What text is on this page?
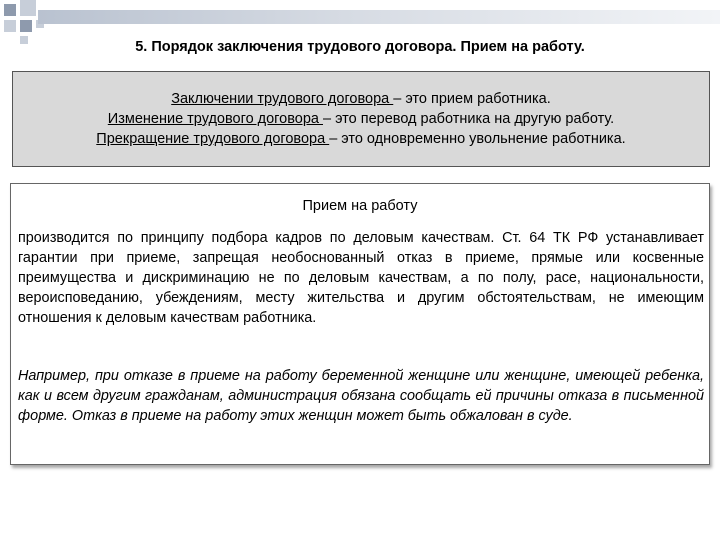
5. Порядок заключения трудового договора. Прием на работу.
Заключении трудового договора – это прием работника.
Изменение трудового договора – это перевод работника на другую работу.
Прекращение трудового договора – это одновременно увольнение работника.
Прием на работу

производится по принципу подбора кадров по деловым качествам. Ст. 64 ТК РФ устанавливает гарантии при приеме, запрещая необоснованный отказ в приеме, прямые или косвенные преимущества и дискриминацию не по деловым качествам, а по полу, расе, национальности, вероисповеданию, убеждениям, месту жительства и другим обстоятельствам, не имеющим отношения к деловым качествам работника.

Например, при отказе в приеме на работу беременной женщине или женщине, имеющей ребенка, как и всем другим гражданам, администрация обязана сообщать ей причины отказа в письменной форме. Отказ в приеме на работу этих женщин может быть обжалован в суде.
